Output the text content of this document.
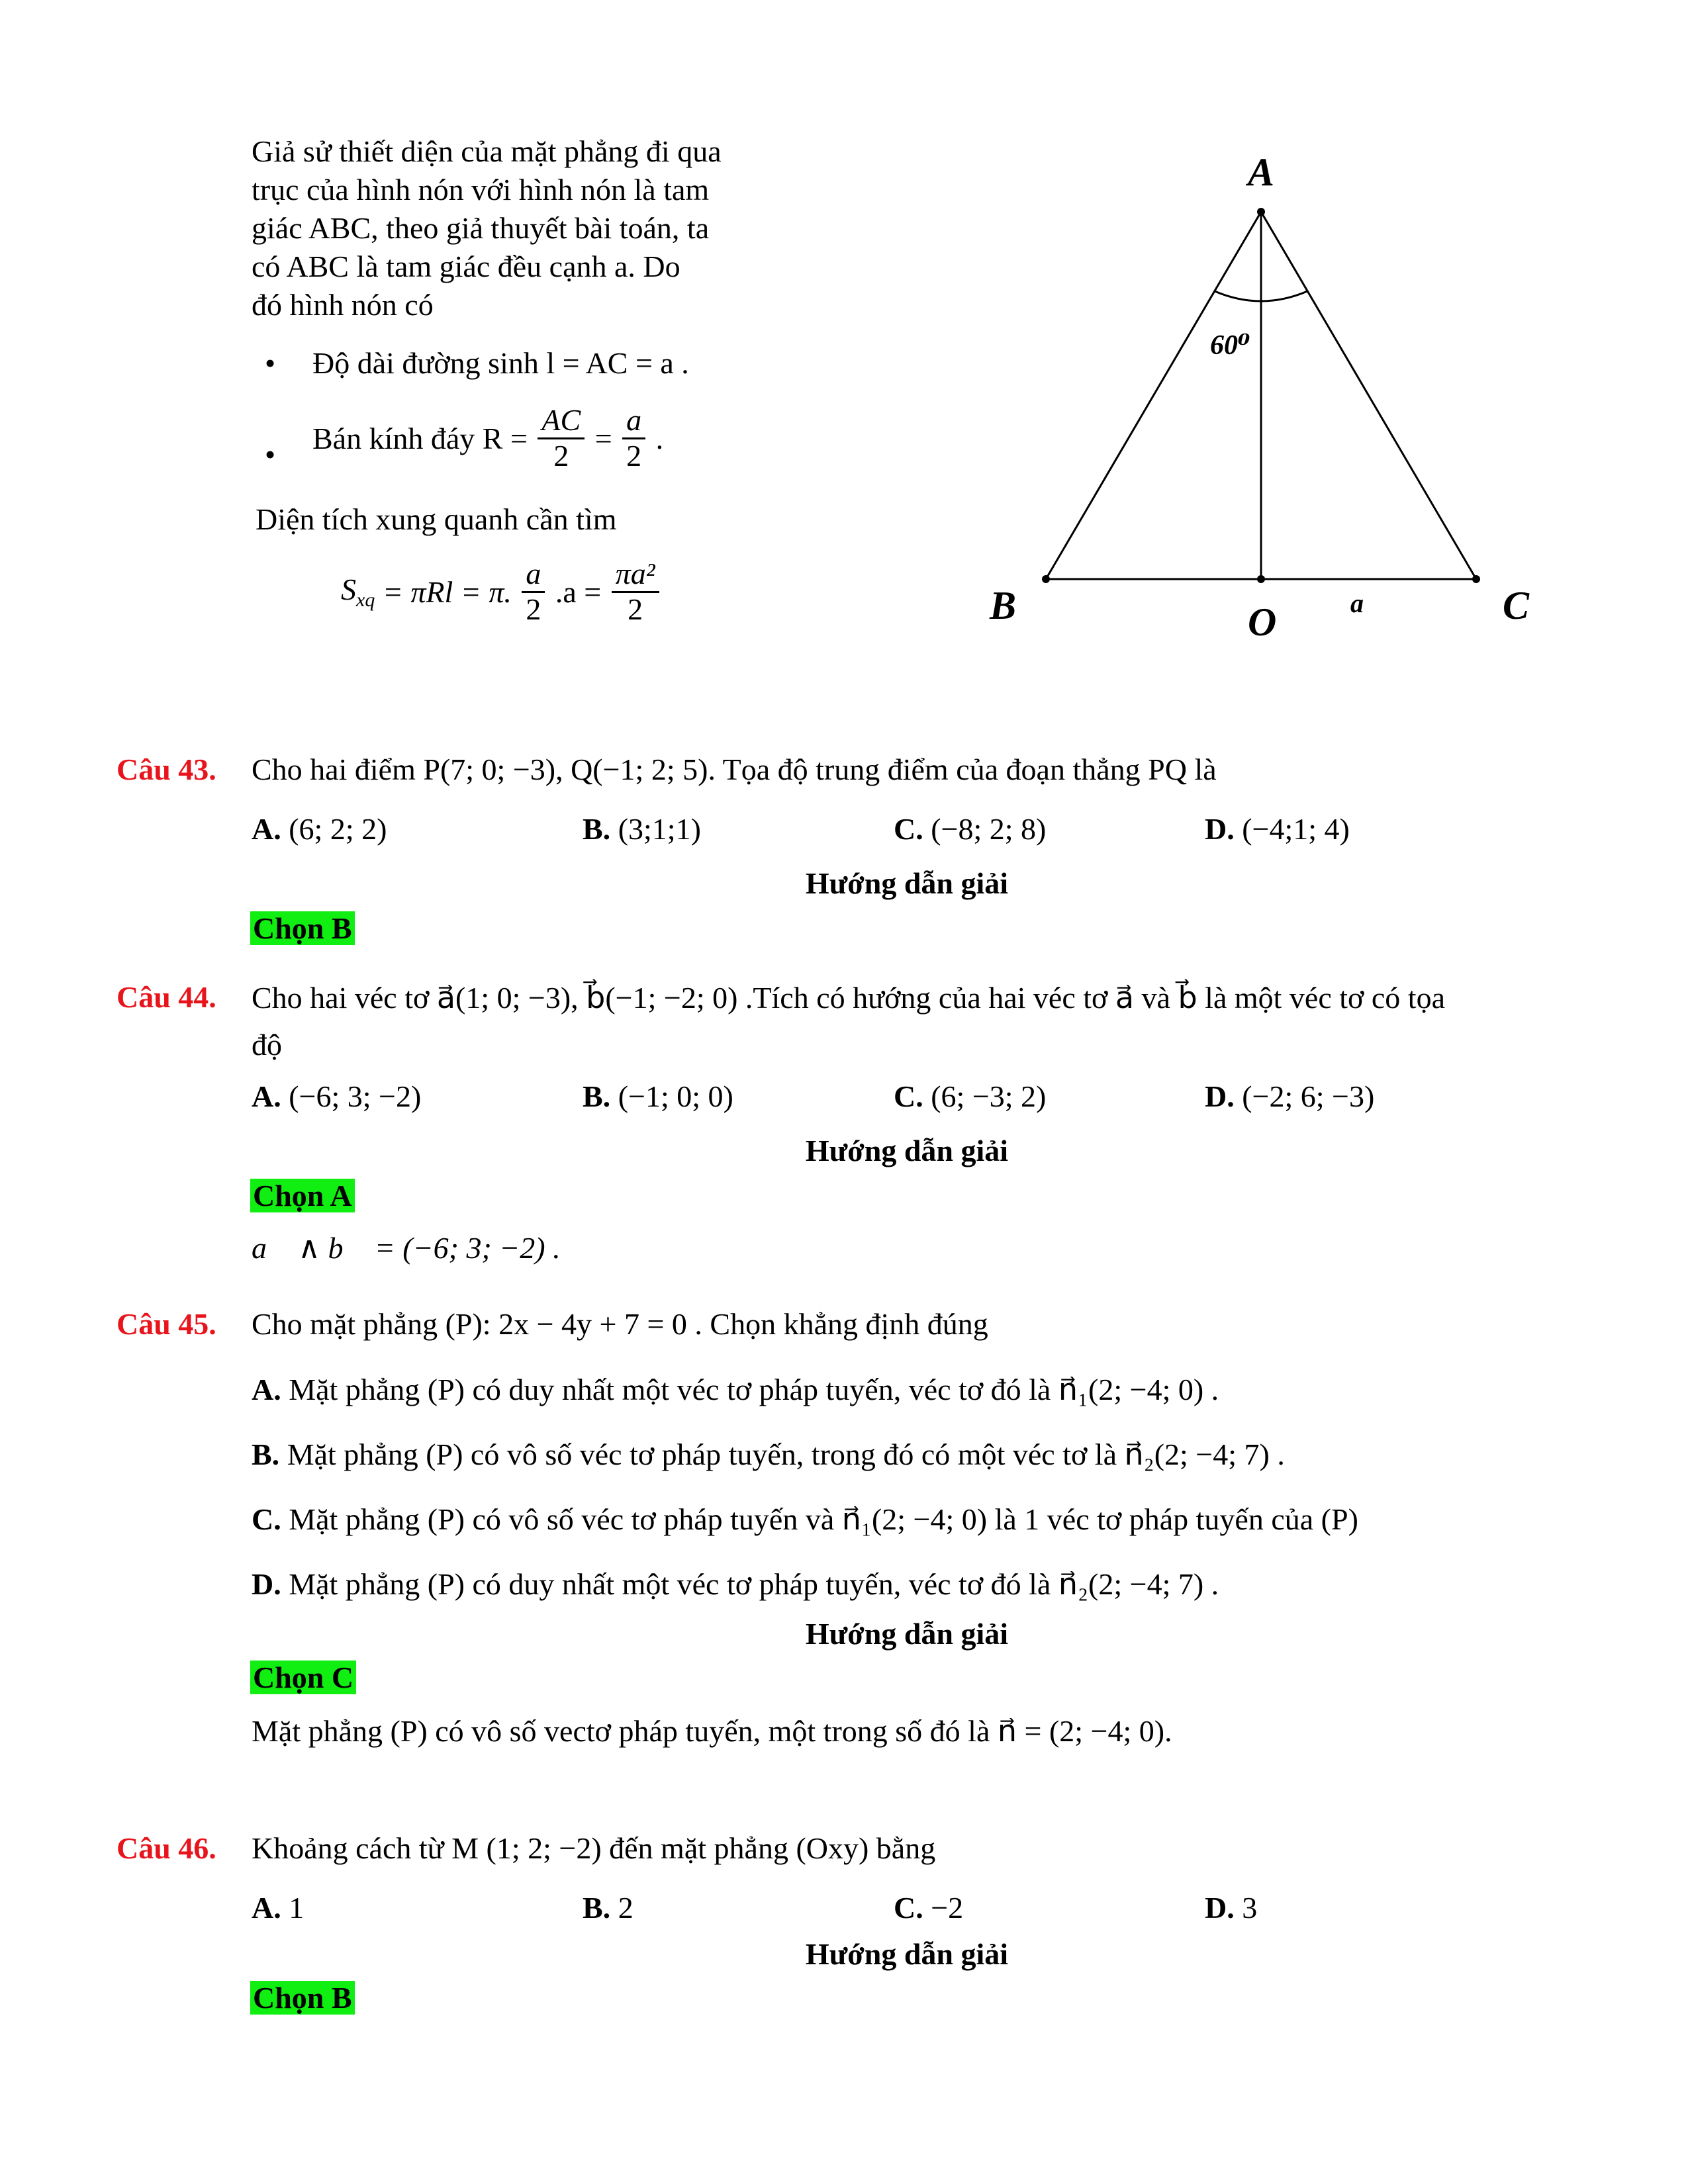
Giả sử thiết diện của mặt phẳng đi qua
trục của hình nón với hình nón là tam
giác ABC, theo giả thuyết bài toán, ta
có ABC là tam giác đều cạnh a. Do
đó hình nón có
• Độ dài đường sinh l = AC = a .
• Bán kính đáy $R = \frac{AC}{2} = \frac{a}{2}$ .
Diện tích xung quanh cần tìm
$S_{xq} = \pi Rl = \pi$. $\frac{a}{2} .a = \frac{\text{πa²}}{2}$
A
B	C
O	a
60⁰
Câu 43. Cho hai điểm P(7; 0; −3), Q(−1; 2; 5). Tọa độ trung điểm của đoạn thẳng PQ là
A. (6; 2; 2)	B. (3;1;1)	C. (−8; 2; 8)	D. (−4;1; 4)
Hướng dẫn giải
Chọn B
Câu 44. Cho hai véc tơ a⃗(1; 0; −3), b⃗(−1; −2; 0) .Tích có hướng của hai véc tơ a⃗ và b⃗ là một véc tơ có tọa
độ
A. (−6; 3; −2)	B. (−1; 0; 0)	C. (6; −3; 2)	D. (−2; 6; −3)
Hướng dẫn giải
Chọn A
a⃗ ∧ b⃗ = (−6; 3; −2) .
Câu 45. Cho mặt phẳng (P): 2x − 4y + 7 = 0 . Chọn khẳng định đúng
A. Mặt phẳng (P) có duy nhất một véc tơ pháp tuyến, véc tơ đó là n⃗₁(2; −4; 0) .
B. Mặt phẳng (P) có vô số véc tơ pháp tuyến, trong đó có một véc tơ là n⃗₂(2; −4; 7) .
C. Mặt phẳng (P) có vô số véc tơ pháp tuyến và n⃗₁(2; −4; 0) là 1 véc tơ pháp tuyến của (P)
D. Mặt phẳng (P) có duy nhất một véc tơ pháp tuyến, véc tơ đó là n⃗₂(2; −4; 7) .
Hướng dẫn giải
Chọn C
Mặt phẳng (P) có vô số vectơ pháp tuyến, một trong số đó là n⃗ = (2; −4; 0).
Câu 46. Khoảng cách từ M (1; 2; −2) đến mặt phẳng (Oxy) bằng
A. 1	B. 2	C. −2	D. 3
Hướng dẫn giải
Chọn B
